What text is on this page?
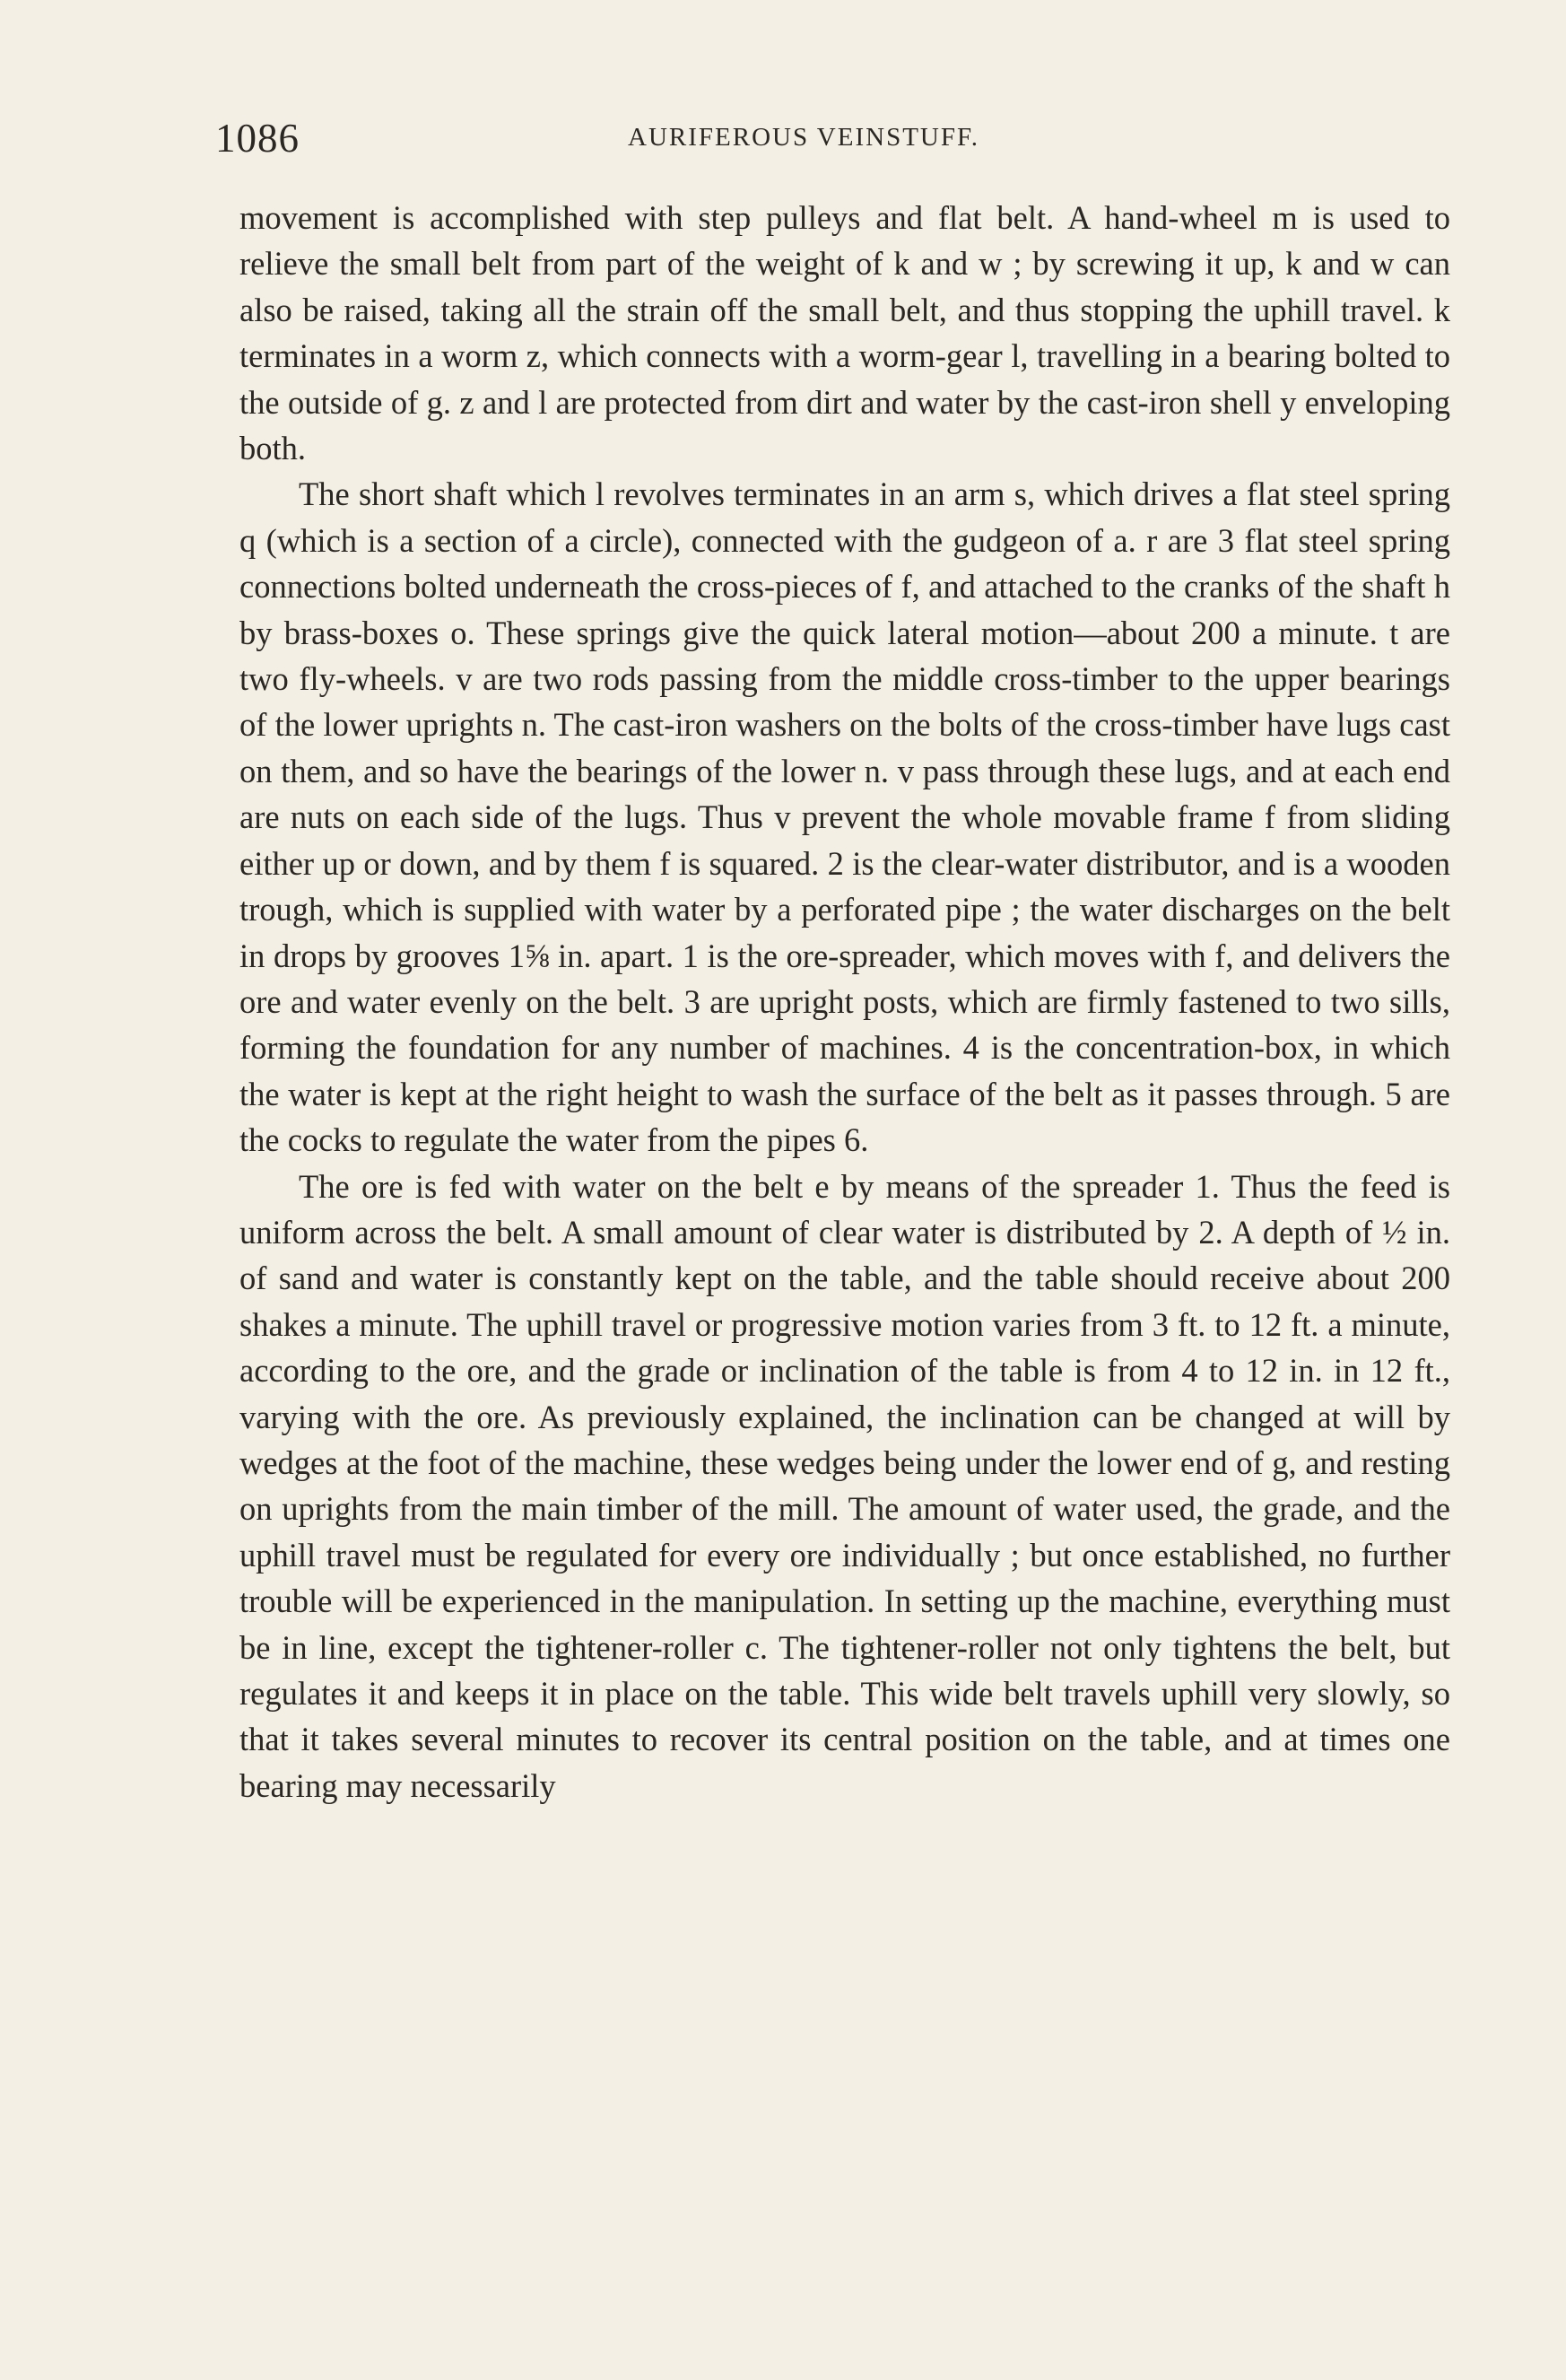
1086	AURIFEROUS VEINSTUFF.

movement is accomplished with step pulleys and flat belt. A hand-wheel m is used to relieve the small belt from part of the weight of k and w ; by screwing it up, k and w can also be raised, taking all the strain off the small belt, and thus stopping the uphill travel. k terminates in a worm z, which connects with a worm-gear l, travelling in a bearing bolted to the outside of g. z and l are protected from dirt and water by the cast-iron shell y enveloping both.

The short shaft which l revolves terminates in an arm s, which drives a flat steel spring q (which is a section of a circle), connected with the gudgeon of a. r are 3 flat steel spring connections bolted underneath the cross-pieces of f, and attached to the cranks of the shaft h by brass-boxes o. These springs give the quick lateral motion—about 200 a minute. t are two fly-wheels. v are two rods passing from the middle cross-timber to the upper bearings of the lower uprights n. The cast-iron washers on the bolts of the cross-timber have lugs cast on them, and so have the bearings of the lower n. v pass through these lugs, and at each end are nuts on each side of the lugs. Thus v prevent the whole movable frame f from sliding either up or down, and by them f is squared. 2 is the clear-water distributor, and is a wooden trough, which is supplied with water by a perforated pipe ; the water discharges on the belt in drops by grooves 1⅝ in. apart. 1 is the ore-spreader, which moves with f, and delivers the ore and water evenly on the belt. 3 are upright posts, which are firmly fastened to two sills, forming the foundation for any number of machines. 4 is the concentration-box, in which the water is kept at the right height to wash the surface of the belt as it passes through. 5 are the cocks to regulate the water from the pipes 6.

The ore is fed with water on the belt e by means of the spreader 1. Thus the feed is uniform across the belt. A small amount of clear water is distributed by 2. A depth of ½ in. of sand and water is constantly kept on the table, and the table should receive about 200 shakes a minute. The uphill travel or progressive motion varies from 3 ft. to 12 ft. a minute, according to the ore, and the grade or inclination of the table is from 4 to 12 in. in 12 ft., varying with the ore. As previously explained, the inclination can be changed at will by wedges at the foot of the machine, these wedges being under the lower end of g, and resting on uprights from the main timber of the mill. The amount of water used, the grade, and the uphill travel must be regulated for every ore individually ; but once established, no further trouble will be experienced in the manipulation. In setting up the machine, everything must be in line, except the tightener-roller c. The tightener-roller not only tightens the belt, but regulates it and keeps it in place on the table. This wide belt travels uphill very slowly, so that it takes several minutes to recover its central position on the table, and at times one bearing may necessarily
